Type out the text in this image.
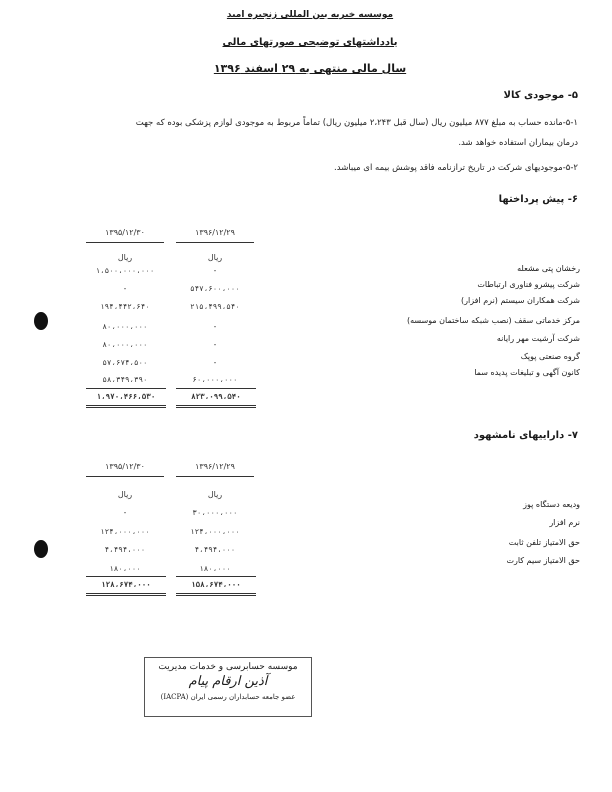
موسسه خیریه بین المللی زنجیره امید
یادداشتهای توضیحی صورتهای مالی
سال مالی منتهی به ۲۹ اسفند ۱۳۹۶
۵- موجودی کالا
۵-۱-مانده حساب به مبلغ ۸۷۷ میلیون ریال (سال قبل ۲،۲۴۳ میلیون ریال) تماماً مربوط به موجودی لوازم پزشکی بوده که جهت
درمان بیماران استفاده خواهد شد.
۵-۲-موجودیهای شرکت در تاریخ ترازنامه فاقد پوشش بیمه ای میباشد.
۶- پیش پرداختها
۱۳۹۶/۱۲/۲۹
۱۳۹۵/۱۲/۳۰
ریال
ریال
رخشان پتی مشعله
-
۱،۵۰۰،۰۰۰،۰۰۰
شرکت پیشرو فناوری ارتباطات
۵۴۷،۶۰۰،۰۰۰
-
شرکت همکاران سیستم (نرم افزار)
۲۱۵،۴۹۹،۵۴۰
۱۹۴،۴۴۲،۶۴۰
مرکز خدماتی سقف (نصب شبکه ساختمان موسسه)
-
۸۰،۰۰۰،۰۰۰
شرکت آرشیت مهر رایانه
-
۸۰،۰۰۰،۰۰۰
گروه صنعتی پوپک
-
۵۷،۶۷۴،۵۰۰
کانون آگهی و تبلیغات پدیده سما
۶۰،۰۰۰،۰۰۰
۵۸،۳۴۹،۳۹۰
۸۲۳،۰۹۹،۵۴۰
۱،۹۷۰،۴۶۶،۵۳۰
۷- داراییهای نامشهود
۱۳۹۶/۱۲/۲۹
۱۳۹۵/۱۲/۳۰
ریال
ریال
ودیعه دستگاه پوز
۳۰،۰۰۰،۰۰۰
-
نرم افزار
۱۲۴،۰۰۰،۰۰۰
۱۲۴،۰۰۰،۰۰۰
حق الامتیاز تلفن ثابت
۴،۴۹۴،۰۰۰
۴،۴۹۴،۰۰۰
حق الامتیاز سیم کارت
۱۸۰،۰۰۰
۱۸۰،۰۰۰
۱۵۸،۶۷۴،۰۰۰
۱۲۸،۶۷۴،۰۰۰
موسسه حسابرسی و خدمات مدیریت
آذین ارقام پیام
عضو جامعه حسابداران رسمی ایران (IACPA)
